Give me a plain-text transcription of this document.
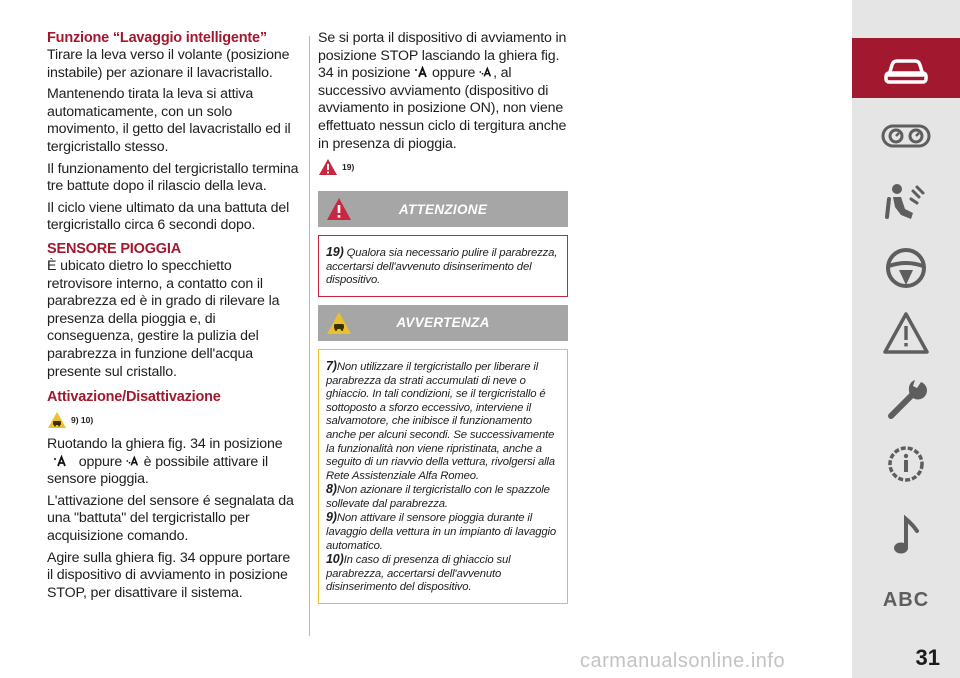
Funzione “Lavaggio intelligente”

Tirare la leva verso il volante (posizione instabile) per azionare il lavacristallo.

Mantenendo tirata la leva si attiva automaticamente, con un solo movimento, il getto del lavacristallo ed il tergicristallo stesso.

Il funzionamento del tergicristallo termina tre battute dopo il rilascio della leva.

Il ciclo viene ultimato da una battuta del tergicristallo circa 6 secondi dopo.

SENSORE PIOGGIA

È ubicato dietro lo specchietto retrovisore interno, a contatto con il parabrezza ed è in grado di rilevare la presenza della pioggia e, di conseguenza, gestire la pulizia del parabrezza in funzione dell'acqua presente sul cristallo.

Attivazione/Disattivazione
9) 10)

Ruotando la ghiera fig. 34 in posizione  oppure è possibile attivare il sensore pioggia.

L'attivazione del sensore é segnalata da una "battuta" del tergicristallo per acquisizione comando.

Agire sulla ghiera fig. 34 oppure portare il dispositivo di avviamento in posizione STOP, per disattivare il sistema.

Se si porta il dispositivo di avviamento in posizione STOP lasciando la ghiera fig. 34 in posizione oppure , al successivo avviamento (dispositivo di avviamento in posizione ON), non viene effettuato nessun ciclo di tergitura anche in presenza di pioggia.

19)
ATTENZIONE
19) Qualora sia necessario pulire il parabrezza, accertarsi dell'avvenuto disinserimento del dispositivo.
AVVERTENZA
7)Non utilizzare il tergicristallo per liberare il parabrezza da strati accumulati di neve o ghiaccio. In tali condizioni, se il tergicristallo é sottoposto a sforzo eccessivo, interviene il salvamotore, che inibisce il funzionamento anche per alcuni secondi. Se successivamente la funzionalità non viene ripristinata, anche a seguito di un riavvio della vettura, rivolgersi alla Rete Assistenziale Alfa Romeo.
8)Non azionare il tergicristallo con le spazzole sollevate dal parabrezza.
9)Non attivare il sensore pioggia durante il lavaggio della vettura in un impianto di lavaggio automatico.
10)In caso di presenza di ghiaccio sul parabrezza, accertarsi dell'avvenuto disinserimento del dispositivo.
ABC
carmanualsonline.info	31
